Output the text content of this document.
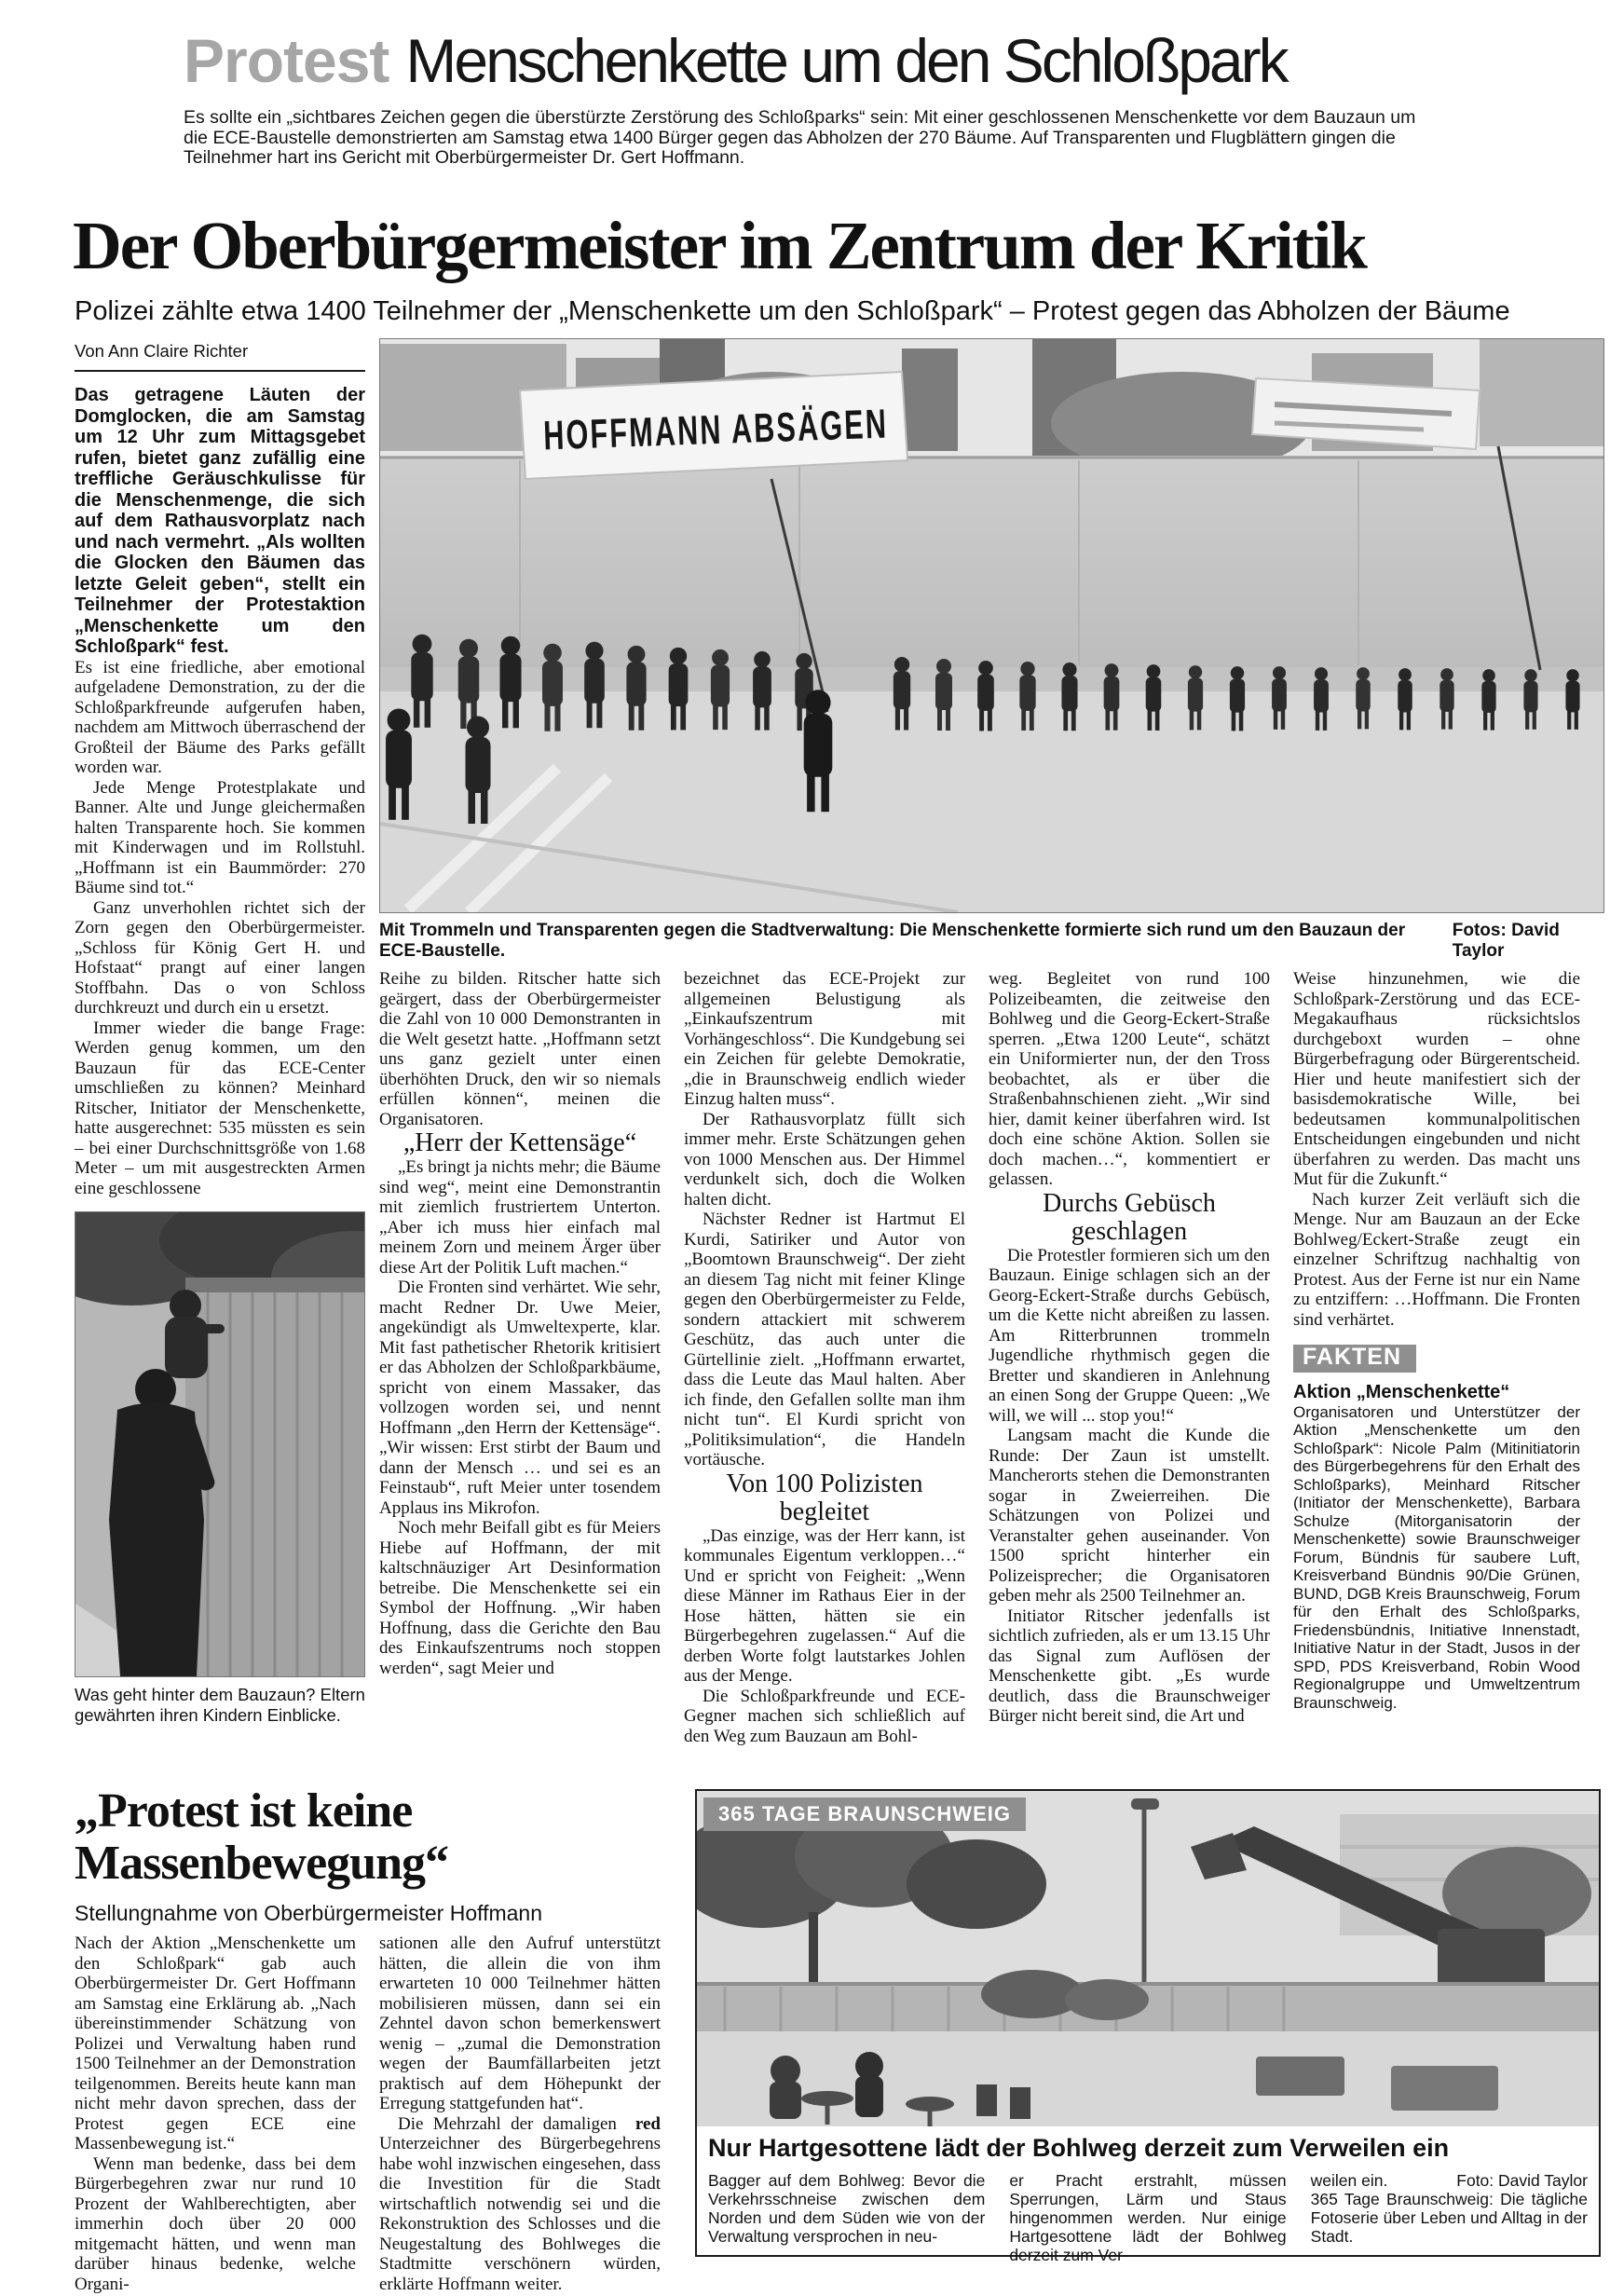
Protest Menschenkette um den Schloßpark
Es sollte ein „sichtbares Zeichen gegen die überstürzte Zerstörung des Schloßparks“ sein: Mit einer geschlossenen Menschenkette vor dem Bauzaun um die ECE-Baustelle demonstrierten am Samstag etwa 1400 Bürger gegen das Abholzen der 270 Bäume. Auf Transparenten und Flugblättern gingen die Teilnehmer hart ins Gericht mit Oberbürgermeister Dr. Gert Hoffmann.
Der Oberbürgermeister im Zentrum der Kritik
Polizei zählte etwa 1400 Teilnehmer der „Menschenkette um den Schloßpark“ – Protest gegen das Abholzen der Bäume
Von Ann Claire Richter

Das getragene Läuten der Domglocken, die am Samstag um 12 Uhr zum Mittagsgebet rufen, bietet ganz zufällig eine treffliche Geräuschkulisse für die Menschenmenge, die sich auf dem Rathausvorplatz nach und nach vermehrt. „Als wollten die Glocken den Bäumen das letzte Geleit geben“, stellt ein Teilnehmer der Protestaktion „Menschenkette um den Schloßpark“ fest.

Es ist eine friedliche, aber emotional aufgeladene Demonstration, zu der die Schloßparkfreunde aufgerufen haben, nachdem am Mittwoch überraschend der Großteil der Bäume des Parks gefällt worden war.

Jede Menge Protestplakate und Banner. Alte und Junge gleichermaßen halten Transparente hoch. Sie kommen mit Kinderwagen und im Rollstuhl. „Hoffmann ist ein Baummörder: 270 Bäume sind tot.“

Ganz unverhohlen richtet sich der Zorn gegen den Oberbürgermeister. „Schloss für König Gert H. und Hofstaat“ prangt auf einer langen Stoffbahn. Das o von Schloss durchkreuzt und durch ein u ersetzt.

Immer wieder die bange Frage: Werden genug kommen, um den Bauzaun für das ECE-Center umschließen zu können? Meinhard Ritscher, Initiator der Menschenkette, hatte ausgerechnet: 535 müssten es sein – bei einer Durchschnittsgröße von 1.68 Meter – um mit ausgestreckten Armen eine geschlossene

HOFFMANN ABSÄGEN
Mit Trommeln und Transparenten gegen die Stadtverwaltung: Die Menschenkette formierte sich rund um den Bauzaun der ECE-Baustelle.
Fotos: David Taylor

Reihe zu bilden. Ritscher hatte sich geärgert, dass der Oberbürgermeister die Zahl von 10 000 Demonstranten in die Welt gesetzt hatte. „Hoffmann setzt uns ganz gezielt unter einen überhöhten Druck, den wir so niemals erfüllen können“, meinen die Organisatoren.

„Herr der Kettensäge“

„Es bringt ja nichts mehr; die Bäume sind weg“, meint eine Demonstrantin mit ziemlich frustriertem Unterton. „Aber ich muss hier einfach mal meinem Zorn und meinem Ärger über diese Art der Politik Luft machen.“

Die Fronten sind verhärtet. Wie sehr, macht Redner Dr. Uwe Meier, angekündigt als Umweltexperte, klar. Mit fast pathetischer Rhetorik kritisiert er das Abholzen der Schloßparkbäume, spricht von einem Massaker, das vollzogen worden sei, und nennt Hoffmann „den Herrn der Kettensäge“. „Wir wissen: Erst stirbt der Baum und dann der Mensch … und sei es an Feinstaub“, ruft Meier unter tosendem Applaus ins Mikrofon.

Noch mehr Beifall gibt es für Meiers Hiebe auf Hoffmann, der mit kaltschnäuziger Art Desinformation betreibe. Die Menschenkette sei ein Symbol der Hoffnung. „Wir haben Hoffnung, dass die Gerichte den Bau des Einkaufszentrums noch stoppen werden“, sagt Meier und

bezeichnet das ECE-Projekt zur allgemeinen Belustigung als „Einkaufszentrum mit Vorhängeschloss“. Die Kundgebung sei ein Zeichen für gelebte Demokratie, „die in Braunschweig endlich wieder Einzug halten muss“.

Der Rathausvorplatz füllt sich immer mehr. Erste Schätzungen gehen von 1000 Menschen aus. Der Himmel verdunkelt sich, doch die Wolken halten dicht.

Nächster Redner ist Hartmut El Kurdi, Satiriker und Autor von „Boomtown Braunschweig“. Der zieht an diesem Tag nicht mit feiner Klinge gegen den Oberbürgermeister zu Felde, sondern attackiert mit schwerem Geschütz, das auch unter die Gürtellinie zielt. „Hoffmann erwartet, dass die Leute das Maul halten. Aber ich finde, den Gefallen sollte man ihm nicht tun“. El Kurdi spricht von „Politiksimulation“, die Handeln vortäusche.

Von 100 Polizisten begleitet

„Das einzige, was der Herr kann, ist kommunales Eigentum verkloppen…“ Und er spricht von Feigheit: „Wenn diese Männer im Rathaus Eier in der Hose hätten, hätten sie ein Bürgerbegehren zugelassen.“ Auf die derben Worte folgt lautstarkes Johlen aus der Menge.

Die Schloßparkfreunde und ECE-Gegner machen sich schließlich auf den Weg zum Bauzaun am Bohl-

weg. Begleitet von rund 100 Polizeibeamten, die zeitweise den Bohlweg und die Georg-Eckert-Straße sperren. „Etwa 1200 Leute“, schätzt ein Uniformierter nun, der den Tross beobachtet, als er über die Straßenbahnschienen zieht. „Wir sind hier, damit keiner überfahren wird. Ist doch eine schöne Aktion. Sollen sie doch machen…“, kommentiert er gelassen.

Durchs Gebüsch geschlagen

Die Protestler formieren sich um den Bauzaun. Einige schlagen sich an der Georg-Eckert-Straße durchs Gebüsch, um die Kette nicht abreißen zu lassen. Am Ritterbrunnen trommeln Jugendliche rhythmisch gegen die Bretter und skandieren in Anlehnung an einen Song der Gruppe Queen: „We will, we will ... stop you!“

Langsam macht die Kunde die Runde: Der Zaun ist umstellt. Mancherorts stehen die Demonstranten sogar in Zweierreihen. Die Schätzungen von Polizei und Veranstalter gehen auseinander. Von 1500 spricht hinterher ein Polizeisprecher; die Organisatoren geben mehr als 2500 Teilnehmer an.

Initiator Ritscher jedenfalls ist sichtlich zufrieden, als er um 13.15 Uhr das Signal zum Auflösen der Menschenkette gibt. „Es wurde deutlich, dass die Braunschweiger Bürger nicht bereit sind, die Art und

Weise hinzunehmen, wie die Schloßpark-Zerstörung und das ECE-Megakaufhaus rücksichtslos durchgeboxt wurden – ohne Bürgerbefragung oder Bürgerentscheid. Hier und heute manifestiert sich der basisdemokratische Wille, bei bedeutsamen kommunalpolitischen Entscheidungen eingebunden und nicht überfahren zu werden. Das macht uns Mut für die Zukunft.“

Nach kurzer Zeit verläuft sich die Menge. Nur am Bauzaun an der Ecke Bohlweg/Eckert-Straße zeugt ein einzelner Schriftzug nachhaltig von Protest. Aus der Ferne ist nur ein Name zu entziffern: …Hoffmann. Die Fronten sind verhärtet.

FAKTEN

Aktion „Menschenkette“

Organisatoren und Unterstützer der Aktion „Menschenkette um den Schloßpark“: Nicole Palm (Mitinitiatorin des Bürgerbegehrens für den Erhalt des Schloßparks), Meinhard Ritscher (Initiator der Menschenkette), Barbara Schulze (Mitorganisatorin der Menschenkette) sowie Braunschweiger Forum, Bündnis für saubere Luft, Kreisverband Bündnis 90/Die Grünen, BUND, DGB Kreis Braunschweig, Forum für den Erhalt des Schloßparks, Friedensbündnis, Initiative Innenstadt, Initiative Natur in der Stadt, Jusos in der SPD, PDS Kreisverband, Robin Wood Regionalgruppe und Umweltzentrum Braunschweig.

Was geht hinter dem Bauzaun? Eltern gewährten ihren Kindern Einblicke.
„Protest ist keine Massenbewegung“
Stellungnahme von Oberbürgermeister Hoffmann

Nach der Aktion „Menschenkette um den Schloßpark“ gab auch Oberbürgermeister Dr. Gert Hoffmann am Samstag eine Erklärung ab. „Nach übereinstimmender Schätzung von Polizei und Verwaltung haben rund 1500 Teilnehmer an der Demonstration teilgenommen. Bereits heute kann man nicht mehr davon sprechen, dass der Protest gegen ECE eine Massenbewegung ist.“

Wenn man bedenke, dass bei dem Bürgerbegehren zwar nur rund 10 Prozent der Wahlberechtigten, aber immerhin doch über 20 000 mitgemacht hätten, und wenn man darüber hinaus bedenke, welche Organi-

sationen alle den Aufruf unterstützt hätten, die allein die von ihm erwarteten 10 000 Teilnehmer hätten mobilisieren müssen, dann sei ein Zehntel davon schon bemerkenswert wenig – „zumal die Demonstration wegen der Baumfällarbeiten jetzt praktisch auf dem Höhepunkt der Erregung stattgefunden hat“.

red
Die Mehrzahl der damaligen Unterzeichner des Bürgerbegehrens habe wohl inzwischen eingesehen, dass die Investition für die Stadt wirtschaftlich notwendig sei und die Rekonstruktion des Schlosses und die Neugestaltung des Bohlweges die Stadtmitte verschönern würden, erklärte Hoffmann weiter.

365 TAGE BRAUNSCHWEIG
Nur Hartgesottene lädt der Bohlweg derzeit zum Verweilen ein
Bagger auf dem Bohlweg: Bevor die Verkehrsschneise zwischen dem Norden und dem Süden wie von der Verwaltung versprochen in neu-
er Pracht erstrahlt, müssen Sperrungen, Lärm und Staus hingenommen werden. Nur einige Hartgesottene lädt der Bohlweg derzeit zum Ver-
weilen ein.	Foto: David Taylor
365 Tage Braunschweig: Die tägliche Fotoserie über Leben und Alltag in der Stadt.
